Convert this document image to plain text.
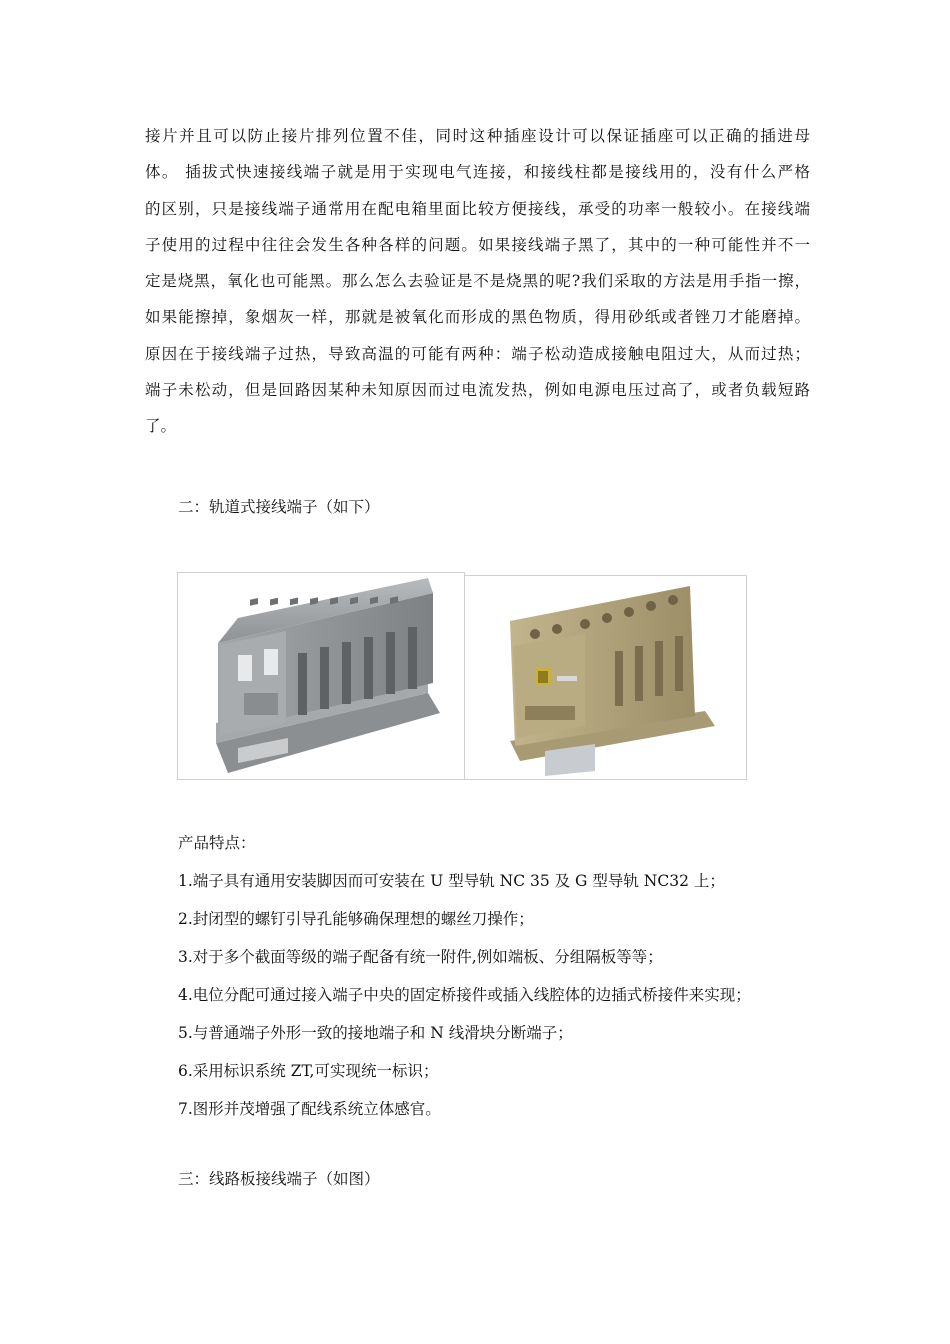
接片并且可以防止接片排列位置不佳，同时这种插座设计可以保证插座可以正确的插进母
体。 插拔式快速接线端子就是用于实现电气连接，和接线柱都是接线用的，没有什么严格
的区别，只是接线端子通常用在配电箱里面比较方便接线，承受的功率一般较小。在接线端
子使用的过程中往往会发生各种各样的问题。如果接线端子黑了，其中的一种可能性并不一
定是烧黑，氧化也可能黑。那么怎么去验证是不是烧黑的呢?我们采取的方法是用手指一擦，
如果能擦掉，象烟灰一样，那就是被氧化而形成的黑色物质，得用砂纸或者锉刀才能磨掉。
原因在于接线端子过热，导致高温的可能有两种：端子松动造成接触电阻过大，从而过热；
端子未松动，但是回路因某种未知原因而过电流发热，例如电源电压过高了，或者负载短路
了。

二：轨道式接线端子（如下）

产品特点：
1.端子具有通用安装脚因而可安装在 U 型导轨 NC 35 及 G 型导轨 NC32 上；
2.封闭型的螺钉引导孔能够确保理想的螺丝刀操作；
3.对于多个截面等级的端子配备有统一附件,例如端板、分组隔板等等；
4.电位分配可通过接入端子中央的固定桥接件或插入线腔体的边插式桥接件来实现；
5.与普通端子外形一致的接地端子和 N 线滑块分断端子；
6.采用标识系统 ZT,可实现统一标识；
7.图形并茂增强了配线系统立体感官。

三：线路板接线端子（如图）
